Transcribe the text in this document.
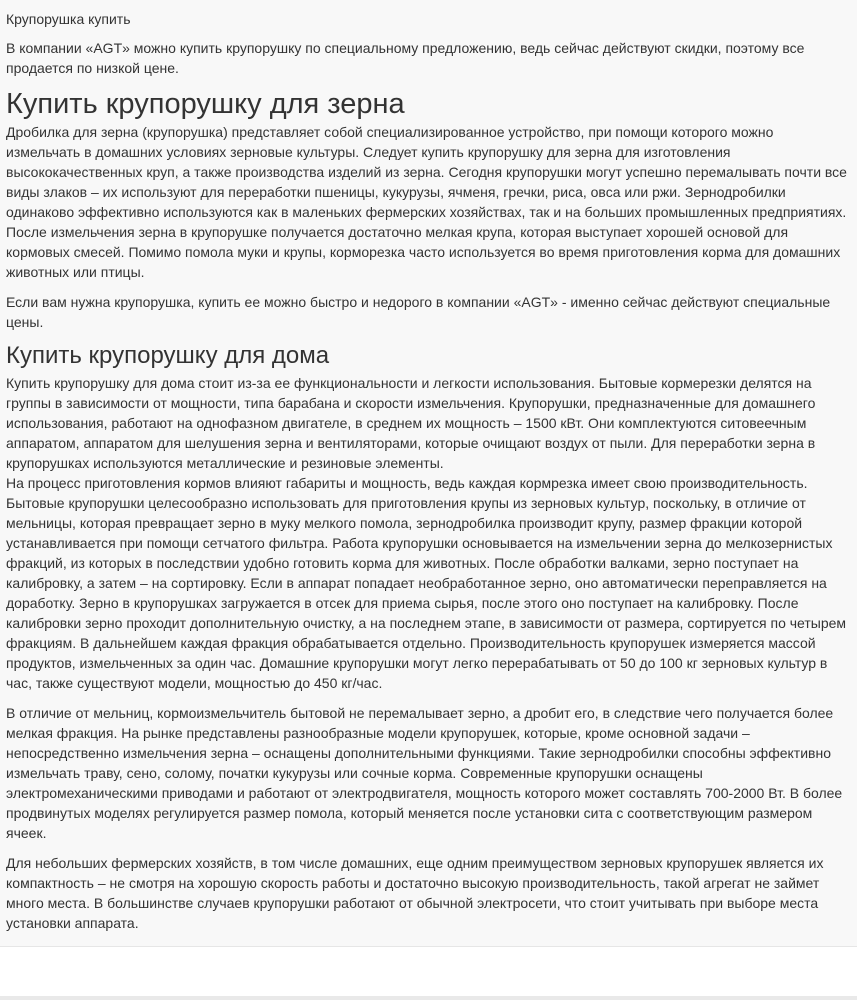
Крупорушка купить

В компании «AGT» можно купить крупорушку по специальному предложению, ведь сейчас действуют скидки, поэтому все продается по низкой цене.

Купить крупорушку для зерна

Дробилка для зерна (крупорушка) представляет собой специализированное устройство, при помощи которого можно измельчать в домашних условиях зерновые культуры. Следует купить крупорушку для зерна для изготовления высококачественных круп, а также производства изделий из зерна. Сегодня крупорушки могут успешно перемалывать почти все виды злаков – их используют для переработки пшеницы, кукурузы, ячменя, гречки, риса, овса или ржи. Зернодробилки одинаково эффективно используются как в маленьких фермерских хозяйствах, так и на больших промышленных предприятиях. После измельчения зерна в крупорушке получается достаточно мелкая крупа, которая выступает хорошей основой для кормовых смесей. Помимо помола муки и крупы, корморезка часто используется во время приготовления корма для домашних животных или птицы.

Если вам нужна крупорушка, купить ее можно быстро и недорого в компании «AGT» - именно сейчас действуют специальные цены.

Купить крупорушку для дома

Купить крупорушку для дома стоит из-за ее функциональности и легкости использования. Бытовые кормерезки делятся на группы в зависимости от мощности, типа барабана и скорости измельчения. Крупорушки, предназначенные для домашнего использования, работают на однофазном двигателе, в среднем их мощность – 1500 кВт. Они комплектуются ситовеечным аппаратом, аппаратом для шелушения зерна и вентиляторами, которые очищают воздух от пыли. Для переработки зерна в крупорушках используются металлические и резиновые элементы.

На процесс приготовления кормов влияют габариты и мощность, ведь каждая кормрезка имеет свою производительность. Бытовые крупорушки целесообразно использовать для приготовления крупы из зерновых культур, поскольку, в отличие от мельницы, которая превращает зерно в муку мелкого помола, зернодробилка производит крупу, размер фракции которой устанавливается при помощи сетчатого фильтра. Работа крупорушки основывается на измельчении зерна до мелкозернистых фракций, из которых в последствии удобно готовить корма для животных. После обработки валками, зерно поступает на калибровку, а затем – на сортировку. Если в аппарат попадает необработанное зерно, оно автоматически переправляется на доработку. Зерно в крупорушках загружается в отсек для приема сырья, после этого оно поступает на калибровку. После калибровки зерно проходит дополнительную очистку, а на последнем этапе, в зависимости от размера, сортируется по четырем фракциям. В дальнейшем каждая фракция обрабатывается отдельно. Производительность крупорушек измеряется массой продуктов, измельченных за один час. Домашние крупорушки могут легко перерабатывать от 50 до 100 кг зерновых культур в час, также существуют модели, мощностью до 450 кг/час.

В отличие от мельниц, кормоизмельчитель бытовой не перемалывает зерно, а дробит его, в следствие чего получается более мелкая фракция. На рынке представлены разнообразные модели крупорушек, которые, кроме основной задачи – непосредственно измельчения зерна – оснащены дополнительными функциями. Такие зернодробилки способны эффективно измельчать траву, сено, солому, початки кукурузы или сочные корма. Современные крупорушки оснащены электромеханическими приводами и работают от электродвигателя, мощность которого может составлять 700-2000 Вт. В более продвинутых моделях регулируется размер помола, который меняется после установки сита с соответствующим размером ячеек.

Для небольших фермерских хозяйств, в том числе домашних, еще одним преимуществом зерновых крупорушек является их компактность – не смотря на хорошую скорость работы и достаточно высокую производительность, такой агрегат не займет много места. В большинстве случаев крупорушки работают от обычной электросети, что стоит учитывать при выборе места установки аппарата.
